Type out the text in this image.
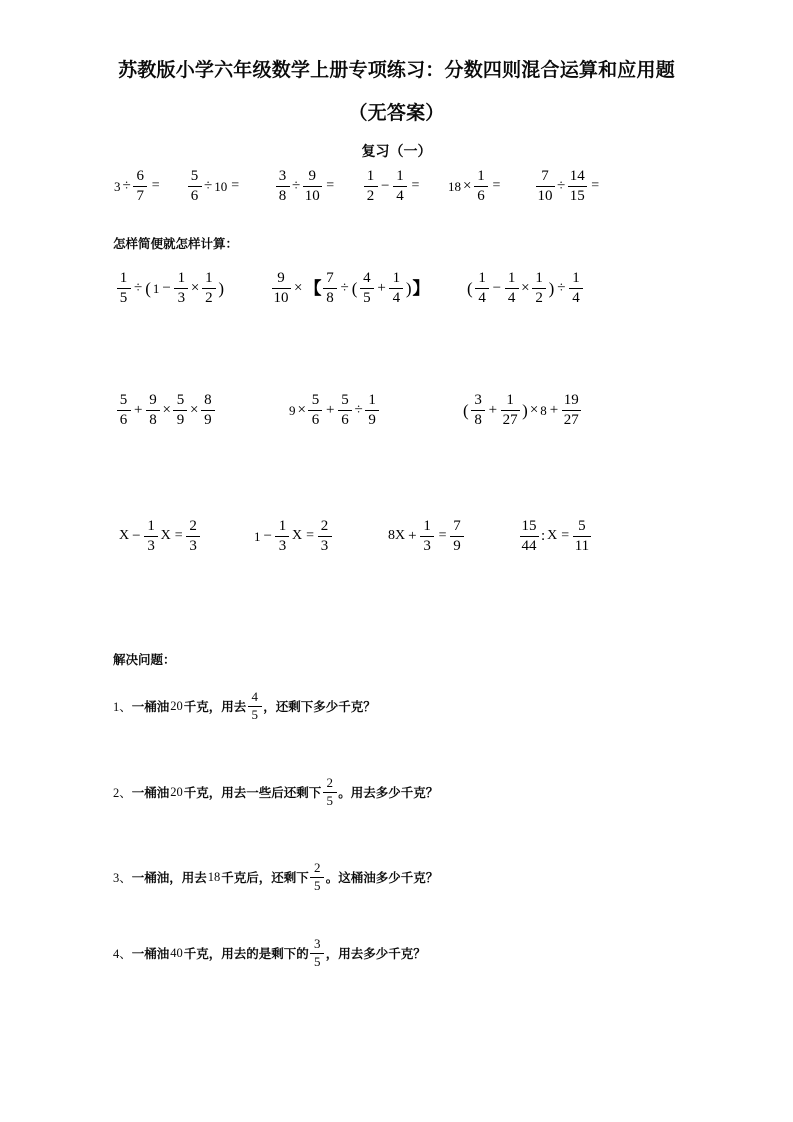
苏教版小学六年级数学上册专项练习：分数四则混合运算和应用题
（无答案）
复习（一）
$3 \div \frac{6}{7} = \frac{5}{6} \div 10 = \frac{3}{8} \div \frac{9}{10} = \frac{1}{2} - \frac{1}{4} = 18 \times \frac{1}{6} = \frac{7}{10} \div \frac{14}{15}$ =
怎样简便就怎样计算：
$\frac{1}{5}$ ÷ ( $1 - \frac{1}{3} \times \frac{1}{2}$ )	$\frac{9}{10}$ × 【 $\frac{7}{8}$ ÷ ( $\frac{4}{5} + \frac{1}{4}$ ) 】 ( $\frac{1}{4} - \frac{1}{4} \times \frac{1}{2}$ ) ÷ $\frac{1}{4}$
$\frac{5}{6} + \frac{9}{8} \times \frac{5}{9} \times \frac{8}{9}$	$9 \times \frac{5}{6} + \frac{5}{6} \div \frac{1}{9}$	( $\frac{3}{8} + \frac{1}{27}$ ) × $8 + \frac{19}{27}$
$X - \frac{1}{3}$ $X = \frac{2}{3}$	$1 - \frac{1}{3}$ $X = \frac{2}{3}$	$8X + \frac{1}{3} = \frac{7}{9}$	$\frac{15}{44}$ : $X = \frac{5}{11}$
解决问题：
1、 一桶油 20 千克，用去 $\frac{4}{5}$ ，还剩下多少千克？
2、 一桶油 20 千克，用去一些后还剩下 $\frac{2}{5}$ 。用去多少千克？
3、 一桶油，用去 18 千克后，还剩下 $\frac{2}{5}$ 。这桶油多少千克？
4、 一桶油 40 千克，用去的是剩下的 $\frac{3}{5}$ ，用去多少千克？
